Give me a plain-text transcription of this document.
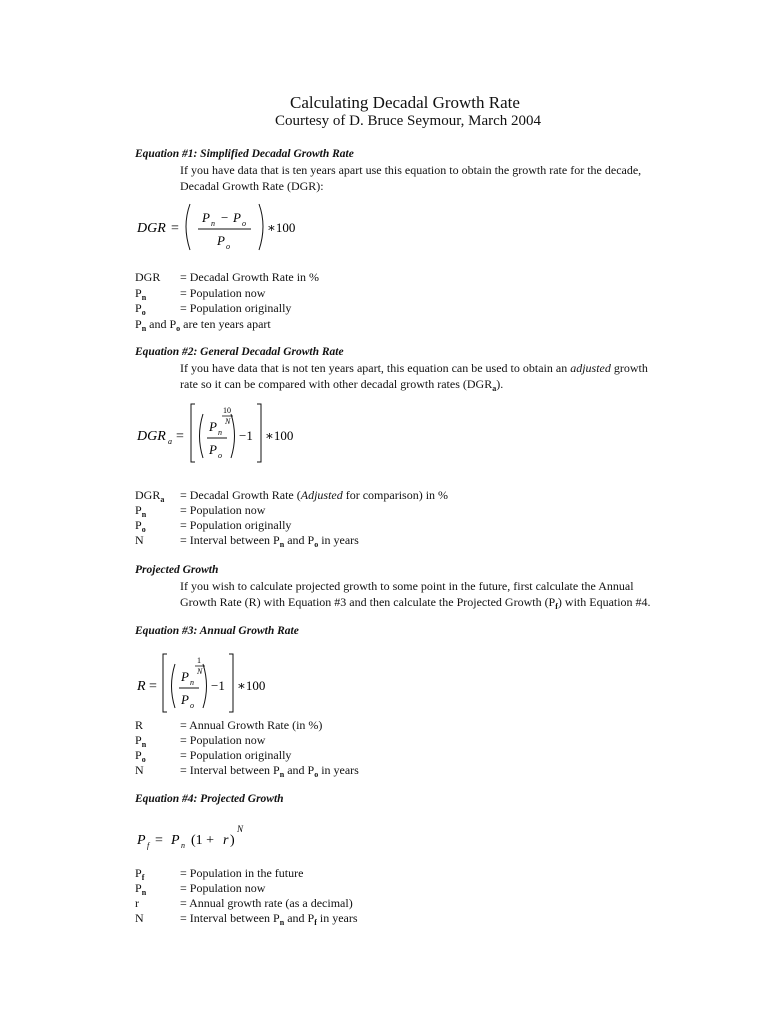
Calculating Decadal Growth Rate
Courtesy of D. Bruce Seymour, March 2004
Equation #1: Simplified Decadal Growth Rate
If you have data that is ten years apart use this equation to obtain the growth rate for the decade,
Decadal Growth Rate (DGR):
DGR =
P n − P o
P o
∗100
DGR = Decadal Growth Rate in %
$P_n$	= Population now
$P_o$	= Population originally
$P_n$ and $P_o$ are ten years apart
Equation #2: General Decadal Growth Rate
If you have data that is not ten years apart, this equation can be used to obtain an adjusted growth
rate so it can be compared with other decadal growth rates $(DGR_a)$.
DGR a =
P n
P o
10
N
−1 ∗100
$DGR_a$ = Decadal Growth Rate (Adjusted for comparison) in %
$P_n$	= Population now
$P_o$	= Population originally
N	= Interval between $P_n$ and $P_o$ in years
Projected Growth
If you wish to calculate projected growth to some point in the future, first calculate the Annual
Growth Rate (R) with Equation #3 and then calculate the Projected Growth $(P_f)$ with Equation #4.
Equation #3: Annual Growth Rate
R =
P n
P o
1
N
−1 ∗100
R	= Annual Growth Rate (in %)
$P_n$	= Population now
$P_o$	= Population originally
N	= Interval between $P_n$ and $P_o$ in years
Equation #4: Projected Growth
P f = P n (1 + r )
N
$P_f$	= Population in the future
$P_n$	= Population now
r	= Annual growth rate (as a decimal)
N	= Interval between $P_n$ and $P_f$ in years
